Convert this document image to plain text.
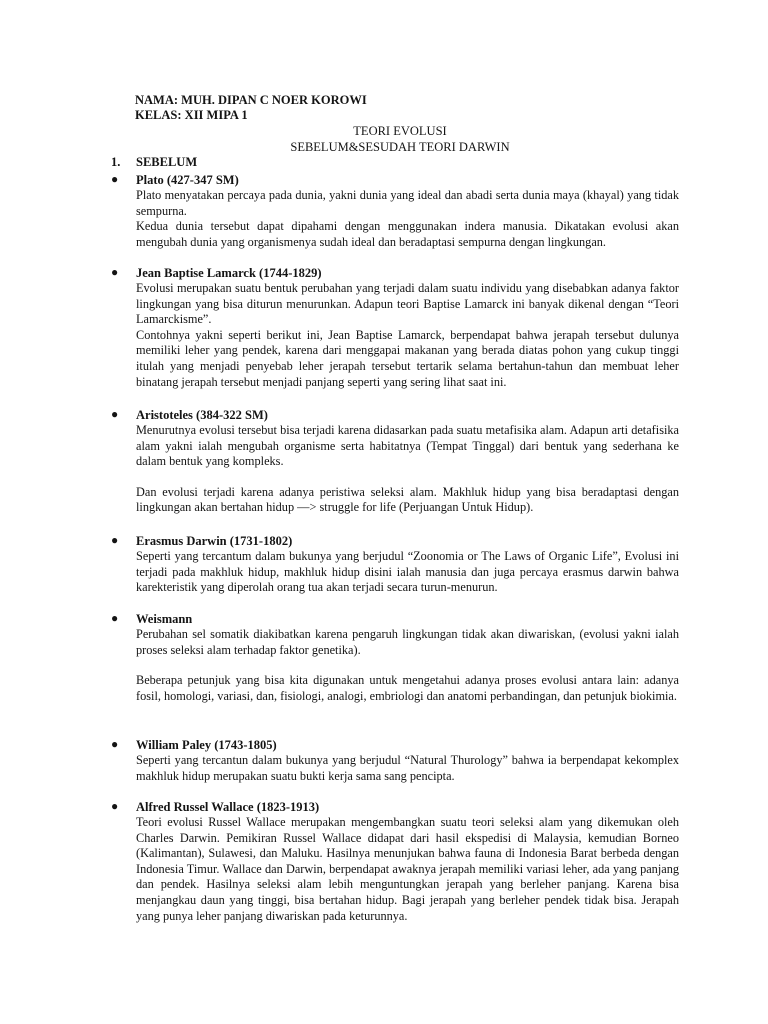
NAMA: MUH. DIPAN C NOER KOROWI
KELAS: XII MIPA 1
TEORI EVOLUSI
SEBELUM&SESUDAH TEORI DARWIN
1. SEBELUM
●	Plato (427-347 SM)
Plato menyatakan percaya pada dunia, yakni dunia yang ideal dan abadi serta dunia maya (khayal) yang tidak sempurna.
Kedua dunia tersebut dapat dipahami dengan menggunakan indera manusia. Dikatakan evolusi akan mengubah dunia yang organismenya sudah ideal dan beradaptasi sempurna dengan lingkungan.
●	Jean Baptise Lamarck (1744-1829)
Evolusi merupakan suatu bentuk perubahan yang terjadi dalam suatu individu yang disebabkan adanya faktor lingkungan yang bisa diturun menurunkan. Adapun teori Baptise Lamarck ini banyak dikenal dengan “Teori Lamarckisme”.
Contohnya yakni seperti berikut ini, Jean Baptise Lamarck, berpendapat bahwa jerapah tersebut dulunya memiliki leher yang pendek, karena dari menggapai makanan yang berada diatas pohon yang cukup tinggi itulah yang menjadi penyebab leher jerapah tersebut tertarik selama bertahun-tahun dan membuat leher binatang jerapah tersebut menjadi panjang seperti yang sering lihat saat ini.
●	Aristoteles (384-322 SM)
Menurutnya evolusi tersebut bisa terjadi karena didasarkan pada suatu metafisika alam. Adapun arti detafisika alam yakni ialah mengubah organisme serta habitatnya (Tempat Tinggal) dari bentuk yang sederhana ke dalam bentuk yang kompleks.
Dan evolusi terjadi karena adanya peristiwa seleksi alam. Makhluk hidup yang bisa beradaptasi dengan lingkungan akan bertahan hidup —> struggle for life (Perjuangan Untuk Hidup).
●	Erasmus Darwin (1731-1802)
Seperti yang tercantum dalam bukunya yang berjudul “Zoonomia or The Laws of Organic Life”, Evolusi ini terjadi pada makhluk hidup, makhluk hidup disini ialah manusia dan juga percaya erasmus darwin bahwa karekteristik yang diperolah orang tua akan terjadi secara turun-menurun.
●	Weismann
Perubahan sel somatik diakibatkan karena pengaruh lingkungan tidak akan diwariskan, (evolusi yakni ialah proses seleksi alam terhadap faktor genetika).
Beberapa petunjuk yang bisa kita digunakan untuk mengetahui adanya proses evolusi antara lain: adanya fosil, homologi, variasi, dan, fisiologi, analogi, embriologi dan anatomi perbandingan, dan petunjuk biokimia.
●	William Paley (1743-1805)
Seperti yang tercantun dalam bukunya yang berjudul “Natural Thurology” bahwa ia berpendapat kekomplex makhluk hidup merupakan suatu bukti kerja sama sang pencipta.
●	Alfred Russel Wallace (1823-1913)
Teori evolusi Russel Wallace merupakan mengembangkan suatu teori seleksi alam yang dikemukan oleh Charles Darwin. Pemikiran Russel Wallace didapat dari hasil ekspedisi di Malaysia, kemudian Borneo (Kalimantan), Sulawesi, dan Maluku. Hasilnya menunjukan bahwa fauna di Indonesia Barat berbeda dengan Indonesia Timur. Wallace dan Darwin, berpendapat awaknya jerapah memiliki variasi leher, ada yang panjang dan pendek. Hasilnya seleksi alam lebih menguntungkan jerapah yang berleher panjang. Karena bisa menjangkau daun yang tinggi, bisa bertahan hidup. Bagi jerapah yang berleher pendek tidak bisa. Jerapah yang punya leher panjang diwariskan pada keturunnya.
